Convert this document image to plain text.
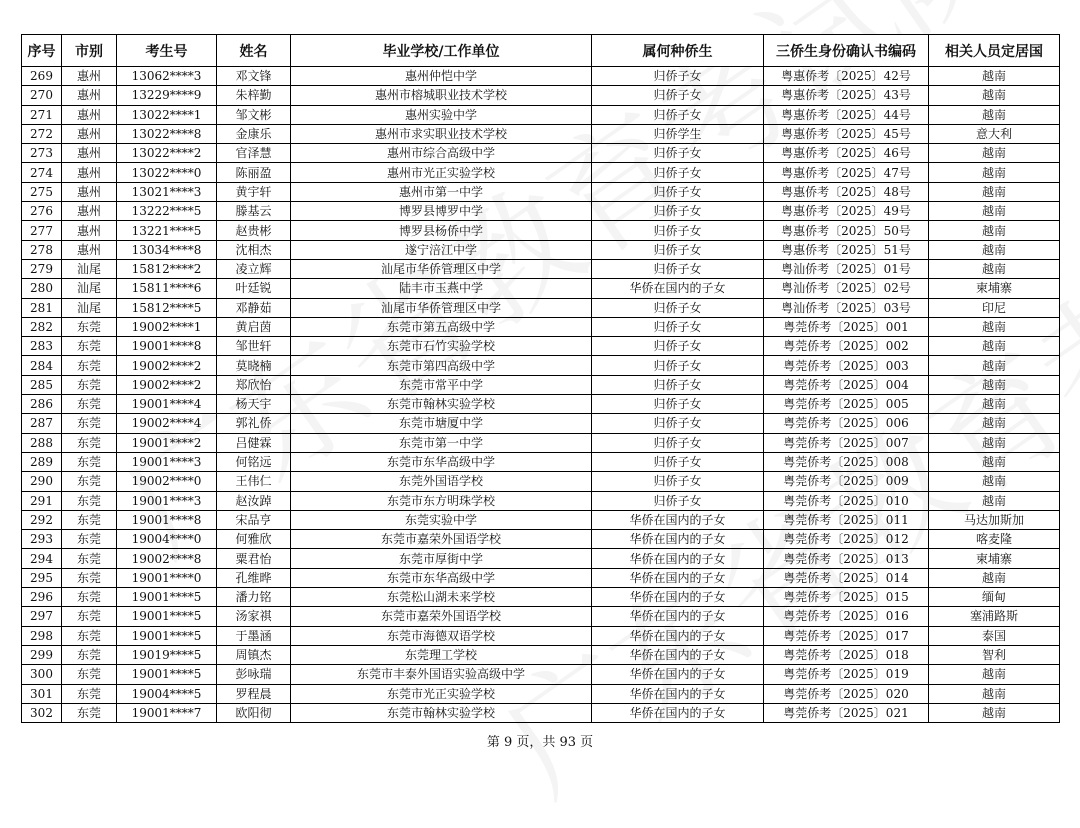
序号	市别	考生号	姓名	毕业学校/工作单位	属何种侨生	三侨生身份确认书编码	相关人员定居国
269	惠州	13062****3	邓文锋	惠州仲恺中学	归侨子女	粤惠侨考〔2025〕42号	越南
270	惠州	13229****9	朱梓勤	惠州市榕城职业技术学校	归侨子女	粤惠侨考〔2025〕43号	越南
271	惠州	13022****1	邹文彬	惠州实验中学	归侨子女	粤惠侨考〔2025〕44号	越南
272	惠州	13022****8	金康乐	惠州市求实职业技术学校	归侨学生	粤惠侨考〔2025〕45号	意大利
273	惠州	13022****2	官泽慧	惠州市综合高级中学	归侨子女	粤惠侨考〔2025〕46号	越南
274	惠州	13022****0	陈丽盈	惠州市光正实验学校	归侨子女	粤惠侨考〔2025〕47号	越南
275	惠州	13021****3	黄宇轩	惠州市第一中学	归侨子女	粤惠侨考〔2025〕48号	越南
276	惠州	13222****5	滕基云	博罗县博罗中学	归侨子女	粤惠侨考〔2025〕49号	越南
277	惠州	13221****5	赵贵彬	博罗县杨侨中学	归侨子女	粤惠侨考〔2025〕50号	越南
278	惠州	13034****8	沈相杰	遂宁涪江中学	归侨子女	粤惠侨考〔2025〕51号	越南
279	汕尾	15812****2	凌立辉	汕尾市华侨管理区中学	归侨子女	粤汕侨考〔2025〕01号	越南
280	汕尾	15811****6	叶廷锐	陆丰市玉燕中学	华侨在国内的子女	粤汕侨考〔2025〕02号	柬埔寨
281	汕尾	15812****5	邓静茹	汕尾市华侨管理区中学	归侨子女	粤汕侨考〔2025〕03号	印尼
282	东莞	19002****1	黄启茵	东莞市第五高级中学	归侨子女	粤莞侨考〔2025〕001	越南
283	东莞	19001****8	邹世轩	东莞市石竹实验学校	归侨子女	粤莞侨考〔2025〕002	越南
284	东莞	19002****2	莫晓楠	东莞市第四高级中学	归侨子女	粤莞侨考〔2025〕003	越南
285	东莞	19002****2	郑欣怡	东莞市常平中学	归侨子女	粤莞侨考〔2025〕004	越南
286	东莞	19001****4	杨天宇	东莞市翰林实验学校	归侨子女	粤莞侨考〔2025〕005	越南
287	东莞	19002****4	郭礼侨	东莞市塘厦中学	归侨子女	粤莞侨考〔2025〕006	越南
288	东莞	19001****2	吕健霖	东莞市第一中学	归侨子女	粤莞侨考〔2025〕007	越南
289	东莞	19001****3	何铭远	东莞市东华高级中学	归侨子女	粤莞侨考〔2025〕008	越南
290	东莞	19002****0	王伟仁	东莞外国语学校	归侨子女	粤莞侨考〔2025〕009	越南
291	东莞	19001****3	赵汝踔	东莞市东方明珠学校	归侨子女	粤莞侨考〔2025〕010	越南
292	东莞	19001****8	宋品亨	东莞实验中学	华侨在国内的子女	粤莞侨考〔2025〕011	马达加斯加
293	东莞	19004****0	何雅欣	东莞市嘉荣外国语学校	华侨在国内的子女	粤莞侨考〔2025〕012	喀麦隆
294	东莞	19002****8	粟君怡	东莞市厚街中学	华侨在国内的子女	粤莞侨考〔2025〕013	柬埔寨
295	东莞	19001****0	孔维晔	东莞市东华高级中学	华侨在国内的子女	粤莞侨考〔2025〕014	越南
296	东莞	19001****5	潘力铭	东莞松山湖未来学校	华侨在国内的子女	粤莞侨考〔2025〕015	缅甸
297	东莞	19001****5	汤家祺	东莞市嘉荣外国语学校	华侨在国内的子女	粤莞侨考〔2025〕016	塞浦路斯
298	东莞	19001****5	于墨涵	东莞市海德双语学校	华侨在国内的子女	粤莞侨考〔2025〕017	泰国
299	东莞	19019****5	周镇杰	东莞理工学校	华侨在国内的子女	粤莞侨考〔2025〕018	智利
300	东莞	19001****5	彭咏瑞	东莞市丰泰外国语实验高级中学	华侨在国内的子女	粤莞侨考〔2025〕019	越南
301	东莞	19004****5	罗程晨	东莞市光正实验学校	华侨在国内的子女	粤莞侨考〔2025〕020	越南
302	东莞	19001****7	欧阳彻	东莞市翰林实验学校	华侨在国内的子女	粤莞侨考〔2025〕021	越南
第 9 页，共 93 页
